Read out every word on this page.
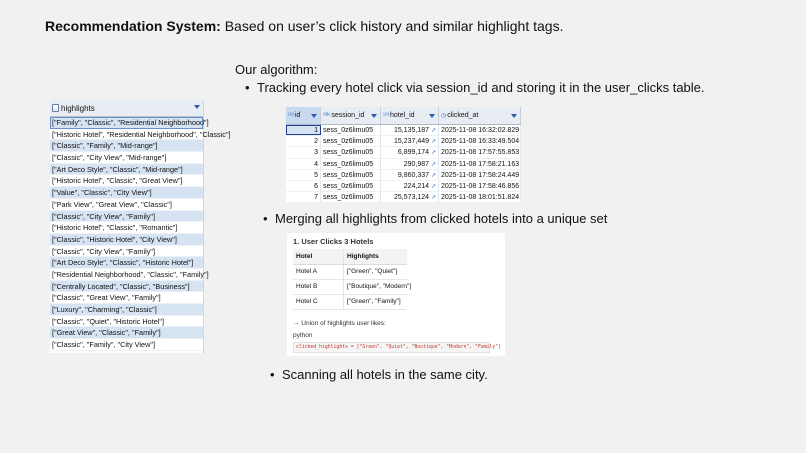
Recommendation System: Based on user’s click history and similar highlight tags.
highlights
["Family", "Classic", "Residential Neighborhood"]
["Historic Hotel", "Residential Neighborhood", "Classic"]
["Classic", "Family", "Mid-range"]
["Classic", "City View", "Mid-range"]
["Art Deco Style", "Classic", "Mid-range"]
["Historic Hotel", "Classic", "Great View"]
["Value", "Classic", "City View"]
["Park View", "Great View", "Classic"]
["Classic", "City View", "Family"]
["Historic Hotel", "Classic", "Romantic"]
["Classic", "Historic Hotel", "City View"]
["Classic", "City View", "Family"]
["Art Deco Style", "Classic", "Historic Hotel"]
["Residential Neighborhood", "Classic", "Family"]
["Centrally Located", "Classic", "Business"]
["Classic", "Great View", "Family"]
["Luxury", "Charming", "Classic"]
["Classic", "Quiet", "Historic Hotel"]
["Great View", "Classic", "Family"]
["Classic", "Family", "City View"]
Our algorithm:
• Tracking every hotel click via session_id and storing it in the user_clicks table.
¹²³ id	ᴬᴮᶜ session_id	¹²³ hotel_id	◷ clicked_at
1 sess_0z6limu05	15,135,187 ↗ 2025-11-08 16:32:02.829
2 sess_0z6limu05	15,237,449 ↗ 2025-11-08 16:33:49.504
3 sess_0z6limu05	6,899,174 ↗ 2025-11-08 17:57:55.853
4 sess_0z6limu05	290,987 ↗ 2025-11-08 17:58:21.163
5 sess_0z6limu05	9,860,337 ↗ 2025-11-08 17:58:24.449
6 sess_0z6limu05	224,214 ↗ 2025-11-08 17:58:46.856
7 sess_0z6limu05	25,573,124 ↗ 2025-11-08 18:01:51.824
• Merging all highlights from clicked hotels into a unique set
1. User Clicks 3 Hotels
Hotel	Highlights
Hotel A	["Green", "Quiet"]
Hotel B	["Boutique", "Modern"]
Hotel C	["Green", "Family"]
→ Union of highlights user likes:
python
clicked_highlights = ["Green", "Quiet", "Boutique", "Modern", "Family"]
• Scanning all hotels in the same city.
